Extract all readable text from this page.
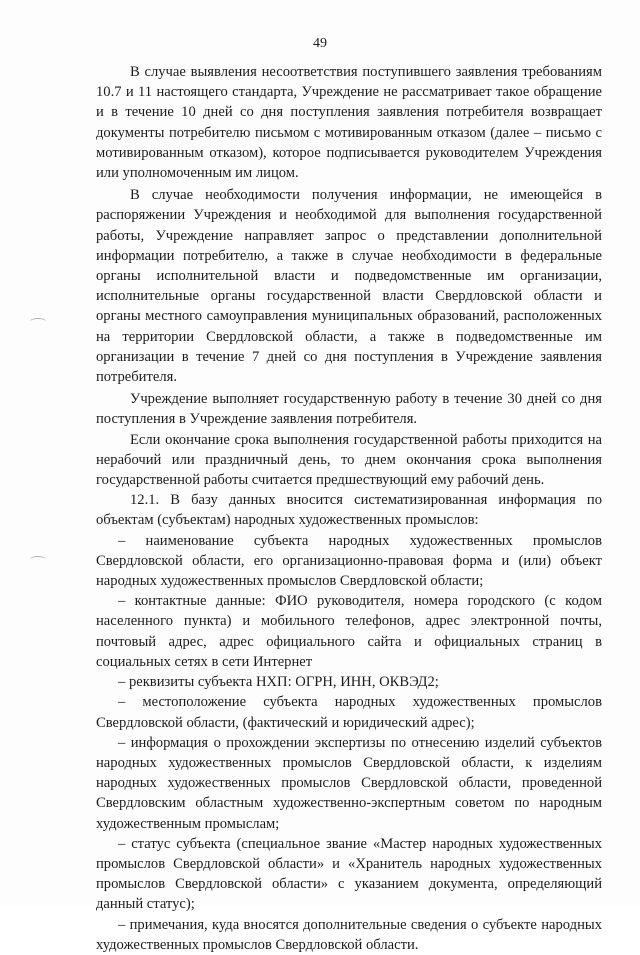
49

В случае выявления несоответствия поступившего заявления требованиям 10.7 и 11 настоящего стандарта, Учреждение не рассматривает такое обращение и в течение 10 дней со дня поступления заявления потребителя возвращает документы потребителю письмом с мотивированным отказом (далее – письмо с мотивированным отказом), которое подписывается руководителем Учреждения или уполномоченным им лицом.

В случае необходимости получения информации, не имеющейся в распоряжении Учреждения и необходимой для выполнения государственной работы, Учреждение направляет запрос о представлении дополнительной информации потребителю, а также в случае необходимости в федеральные органы исполнительной власти и подведомственные им организации, исполнительные органы государственной власти Свердловской области и органы местного самоуправления муниципальных образований, расположенных на территории Свердловской области, а также в подведомственные им организации в течение 7 дней со дня поступления в Учреждение заявления потребителя.

Учреждение выполняет государственную работу в течение 30 дней со дня поступления в Учреждение заявления потребителя.

Если окончание срока выполнения государственной работы приходится на нерабочий или праздничный день, то днем окончания срока выполнения государственной работы считается предшествующий ему рабочий день.

12.1. В базу данных вносится систематизированная информация по объектам (субъектам) народных художественных промыслов:

– наименование субъекта народных художественных промыслов Свердловской области, его организационно-правовая форма и (или) объект народных художественных промыслов Свердловской области;

– контактные данные: ФИО руководителя, номера городского (с кодом населенного пункта) и мобильного телефонов, адрес электронной почты, почтовый адрес, адрес официального сайта и официальных страниц в социальных сетях в сети Интернет

– реквизиты субъекта НХП: ОГРН, ИНН, ОКВЭД2;

– местоположение субъекта народных художественных промыслов Свердловской области, (фактический и юридический адрес);

– информация о прохождении экспертизы по отнесению изделий субъектов народных художественных промыслов Свердловской области, к изделиям народных художественных промыслов Свердловской области, проведенной Свердловским областным художественно-экспертным советом по народным художественным промыслам;

– статус субъекта (специальное звание «Мастер народных художественных промыслов Свердловской области» и «Хранитель народных художественных промыслов Свердловской области» с указанием документа, определяющий данный статус);

– примечания, куда вносятся дополнительные сведения о субъекте народных художественных промыслов Свердловской области.
